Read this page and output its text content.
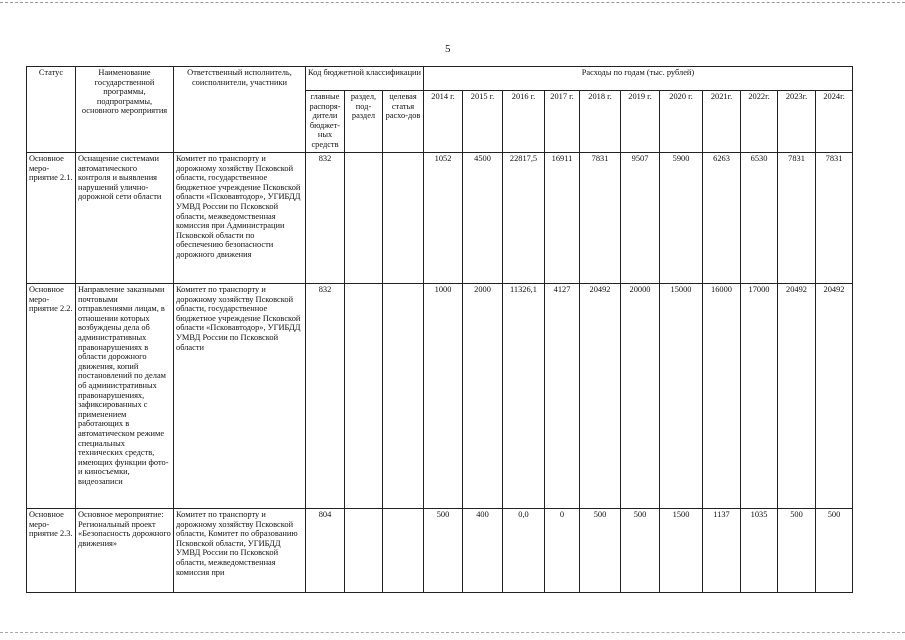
5
Статус	Наименование государственной программы, подпрограммы, основного мероприятия	Ответственный исполнитель, соисполнители, участники	Код бюджетной классификации			Расходы по годам (тыс. рублей)										
			главные распоря-дители бюджет-ных средств	раздел, под-раздел	целевая статья расхо-дов	2014 г.	2015 г.	2016 г.	2017 г.	2018 г.	2019 г.	2020 г.	2021г.	2022г.	2023г.	2024г.
Основное меро-приятие 2.1.	Оснащение системами автоматического контроля и выявления нарушений улично-дорожной сети области	Комитет по транспорту и дорожному хозяйству Псковской области, государственное бюджетное учреждение Псковской области «Псковавтодор», УГИБДД УМВД России по Псковской области, межведомственная комиссия при Администрации Псковской области по обеспечению безопасности дорожного движения	832			1052	4500	22817,5	16911	7831	9507	5900	6263	6530	7831	7831
Основное меро-приятие 2.2.	Направление заказными почтовыми отправлениями лицам, в отношении которых возбуждены дела об административных правонарушениях в области дорожного движения, копий постановлений по делам об административных правонарушениях, зафиксированных с применением работающих в автоматическом режиме специальных технических средств, имеющих функции фото- и киносъемки, видеозаписи	Комитет по транспорту и дорожному хозяйству Псковской области, государственное бюджетное учреждение Псковской области «Псковавтодор», УГИБДД УМВД России по Псковской области	832			1000	2000	11326,1	4127	20492	20000	15000	16000	17000	20492	20492
Основное меро-приятие 2.3.	Основное мероприятие: Региональный проект «Безопасность дорожного движения»	Комитет по транспорту и дорожному хозяйству Псковской области, Комитет по образованию Псковской области, УГИБДД УМВД России по Псковской области, межведомственная комиссия при	804			500	400	0,0	0	500	500	1500	1137	1035	500	500
